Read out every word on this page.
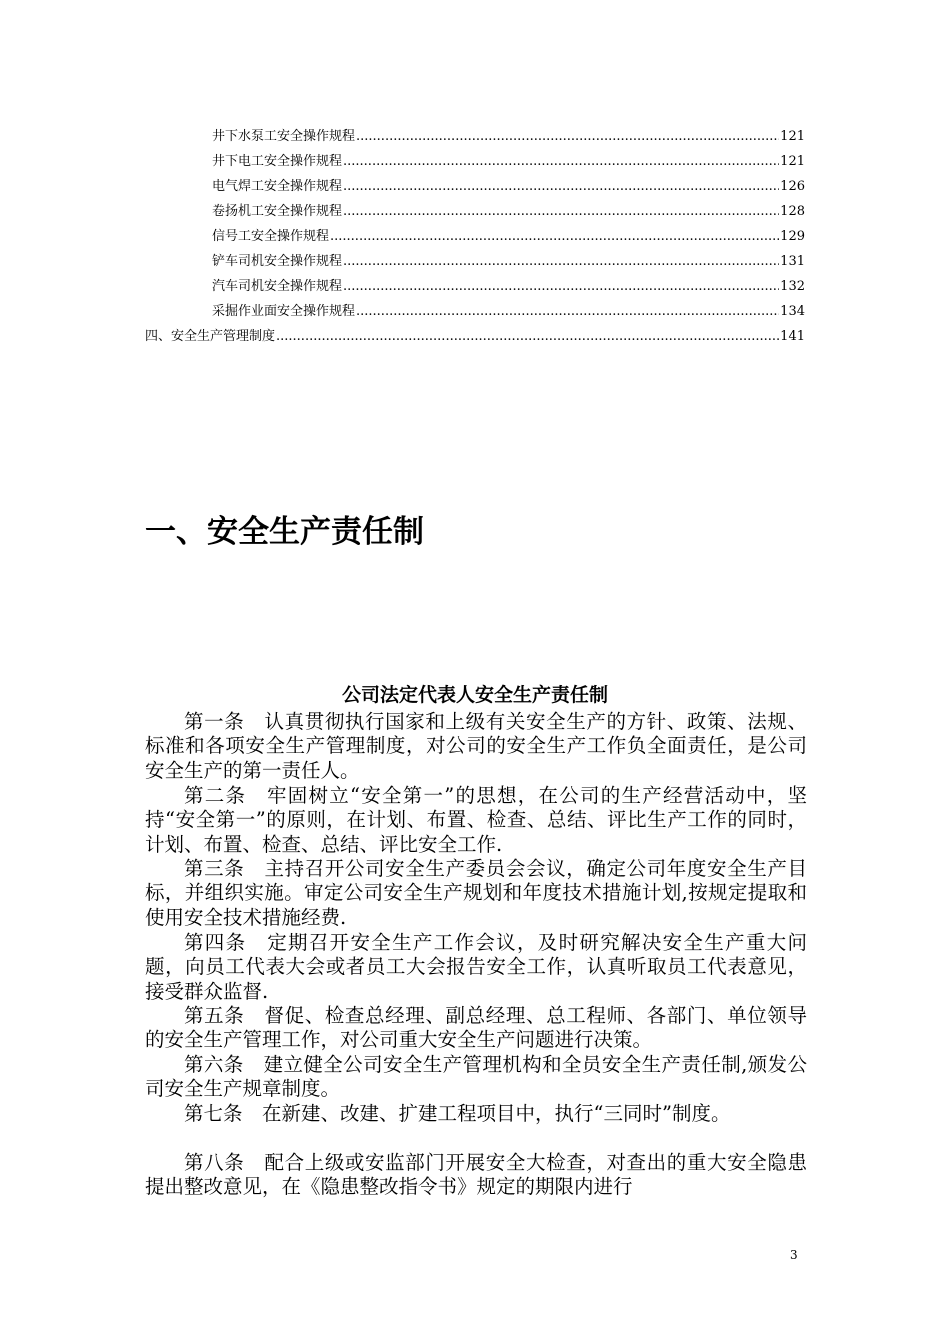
井下水泵工安全操作规程 .....	121
井下电工安全操作规程 .....	121
电气焊工安全操作规程 .....	126
卷扬机工安全操作规程 .....	128
信号工安全操作规程 .....	129
铲车司机安全操作规程 .....	131
汽车司机安全操作规程 .....	132
采掘作业面安全操作规程 .....	134
四、安全生产管理制度 .....	141
一、安全生产责任制
公司法定代表人安全生产责任制

第一条　认真贯彻执行国家和上级有关安全生产的方针、政策、法规、标准和各项安全生产管理制度，对公司的安全生产工作负全面责任，是公司安全生产的第一责任人。

第二条　牢固树立“安全第一”的思想，在公司的生产经营活动中，坚持“安全第一”的原则，在计划、布置、检查、总结、评比生产工作的同时，计划、布置、检查、总结、评比安全工作.

第三条　主持召开公司安全生产委员会会议，确定公司年度安全生产目标，并组织实施。审定公司安全生产规划和年度技术措施计划,按规定提取和使用安全技术措施经费.

第四条　定期召开安全生产工作会议，及时研究解决安全生产重大问题，向员工代表大会或者员工大会报告安全工作，认真听取员工代表意见，接受群众监督.

第五条　督促、检查总经理、副总经理、总工程师、各部门、单位领导的安全生产管理工作，对公司重大安全生产问题进行决策。

第六条　建立健全公司安全生产管理机构和全员安全生产责任制,颁发公司安全生产规章制度。

第七条　在新建、改建、扩建工程项目中，执行“三同时”制度。

第八条　配合上级或安监部门开展安全大检查，对查出的重大安全隐患提出整改意见，在《隐患整改指令书》规定的期限内进行

3
